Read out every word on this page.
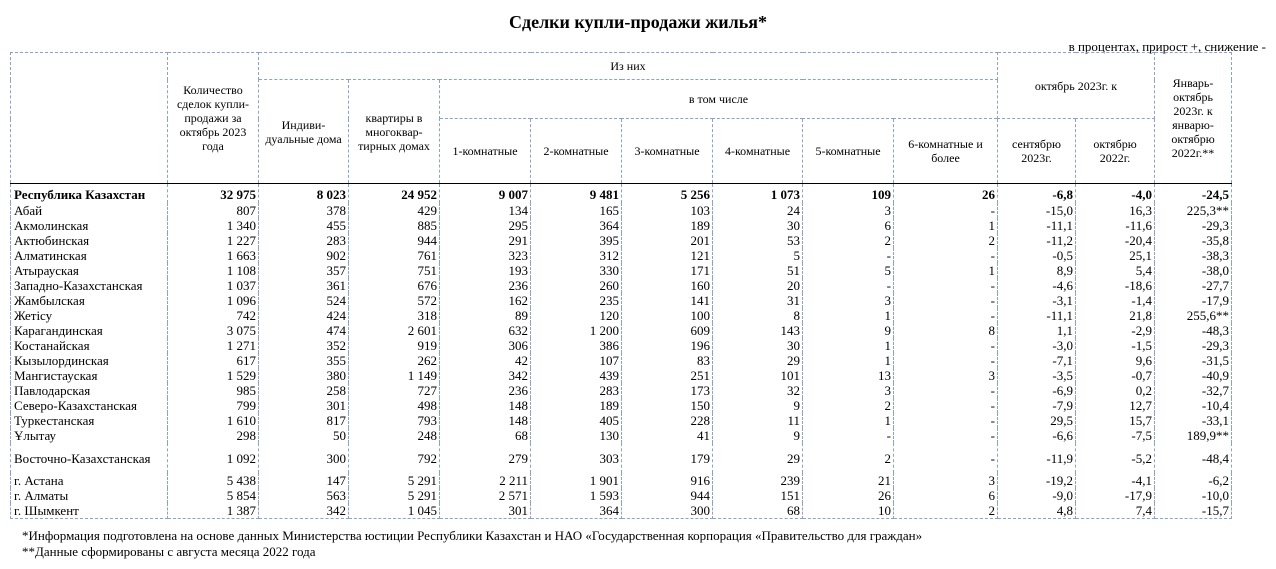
Сделки купли-продажи жилья*
в процентах, прирост +, снижение -
	Количество сделок купли-продажи за октябрь 2023 года	Из них								октябрь 2023г. к		Январь-октябрь 2023г. к январю-октябрю 2022г.**
		Индиви-дуальные дома	квартиры в многоквар-тирных домах	в том числе								
				1-комнатные	2-комнатные	3-комнатные	4-комнатные	5-комнатные	6-комнатные и более	сентябрю 2023г.	октябрю 2022г.	
Республика Казахстан	32 975	8 023	24 952	9 007	9 481	5 256	1 073	109	26	-6,8	-4,0	-24,5
Абай	807	378	429	134	165	103	24	3	-	-15,0	16,3	225,3**
Акмолинская	1 340	455	885	295	364	189	30	6	1	-11,1	-11,6	-29,3
Актюбинская	1 227	283	944	291	395	201	53	2	2	-11,2	-20,4	-35,8
Алматинская	1 663	902	761	323	312	121	5	-	-	-0,5	25,1	-38,3
Атырауская	1 108	357	751	193	330	171	51	5	1	8,9	5,4	-38,0
Западно-Казахстанская	1 037	361	676	236	260	160	20	-	-	-4,6	-18,6	-27,7
Жамбылская	1 096	524	572	162	235	141	31	3	-	-3,1	-1,4	-17,9
Жетісу	742	424	318	89	120	100	8	1	-	-11,1	21,8	255,6**
Карагандинская	3 075	474	2 601	632	1 200	609	143	9	8	1,1	-2,9	-48,3
Костанайская	1 271	352	919	306	386	196	30	1	-	-3,0	-1,5	-29,3
Кызылординская	617	355	262	42	107	83	29	1	-	-7,1	9,6	-31,5
Мангистауская	1 529	380	1 149	342	439	251	101	13	3	-3,5	-0,7	-40,9
Павлодарская	985	258	727	236	283	173	32	3	-	-6,9	0,2	-32,7
Северо-Казахстанская	799	301	498	148	189	150	9	2	-	-7,9	12,7	-10,4
Туркестанская	1 610	817	793	148	405	228	11	1	-	29,5	15,7	-33,1
Ұлытау	298	50	248	68	130	41	9	-	-	-6,6	-7,5	189,9**
Восточно-​Казахстанская	1 092	300	792	279	303	179	29	2	-	-11,9	-5,2	-48,4
г. Астана	5 438	147	5 291	2 211	1 901	916	239	21	3	-19,2	-4,1	-6,2
г. Алматы	5 854	563	5 291	2 571	1 593	944	151	26	6	-9,0	-17,9	-10,0
г. Шымкент	1 387	342	1 045	301	364	300	68	10	2	4,8	7,4	-15,7
*Информация подготовлена на основе данных Министерства юстиции Республики Казахстан и НАО «Государственная корпорация «Правительство для граждан»
**Данные сформированы с августа месяца 2022 года
